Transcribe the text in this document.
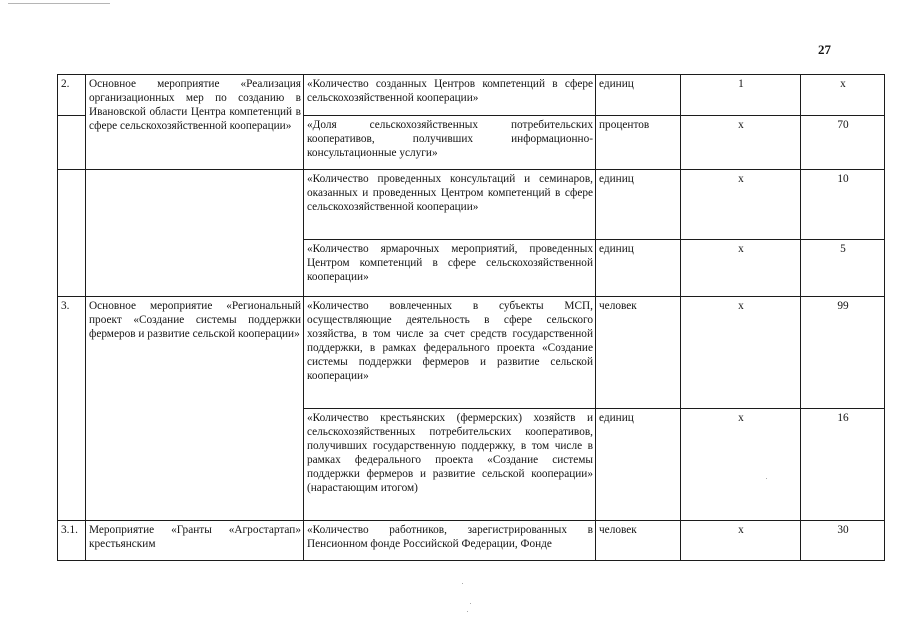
27
2.	Основное мероприятие «Реализация организационных мер по созданию в Ивановской области Центра компетенций в сфере сельскохозяйственной кооперации»	«Количество созданных Центров компетенций в сфере сельскохозяйственной кооперации»	единиц	1	x
		«Доля сельскохозяйственных потребительских кооперативов, получивших информационно-консультационные услуги»	процентов	x	70
		«Количество проведенных консультаций и семинаров, оказанных и проведенных Центром компетенций в сфере сельскохозяйственной кооперации»	единиц	x	10
		«Количество ярмарочных мероприятий, проведенных Центром компетенций в сфере сельскохозяйственной кооперации»	единиц	x	5
3.	Основное мероприятие «Региональный проект «Создание системы поддержки фермеров и развитие сельской кооперации»	«Количество вовлеченных в субъекты МСП, осуществляющие деятельность в сфере сельского хозяйства, в том числе за счет средств государственной поддержки, в рамках федерального проекта «Создание системы поддержки фермеров и развитие сельской кооперации»	человек	x	99
		«Количество крестьянских (фермерских) хозяйств и сельскохозяйственных потребительских кооперативов, получивших государственную поддержку, в том числе в рамках федерального проекта «Создание системы поддержки фермеров и развитие сельской кооперации» (нарастающим итогом)	единиц	x	16
3.1.	Мероприятие «Гранты «Агростартап» крестьянским	«Количество работников, зарегистрированных в Пенсионном фонде Российской Федерации, Фонде	человек	x	30
